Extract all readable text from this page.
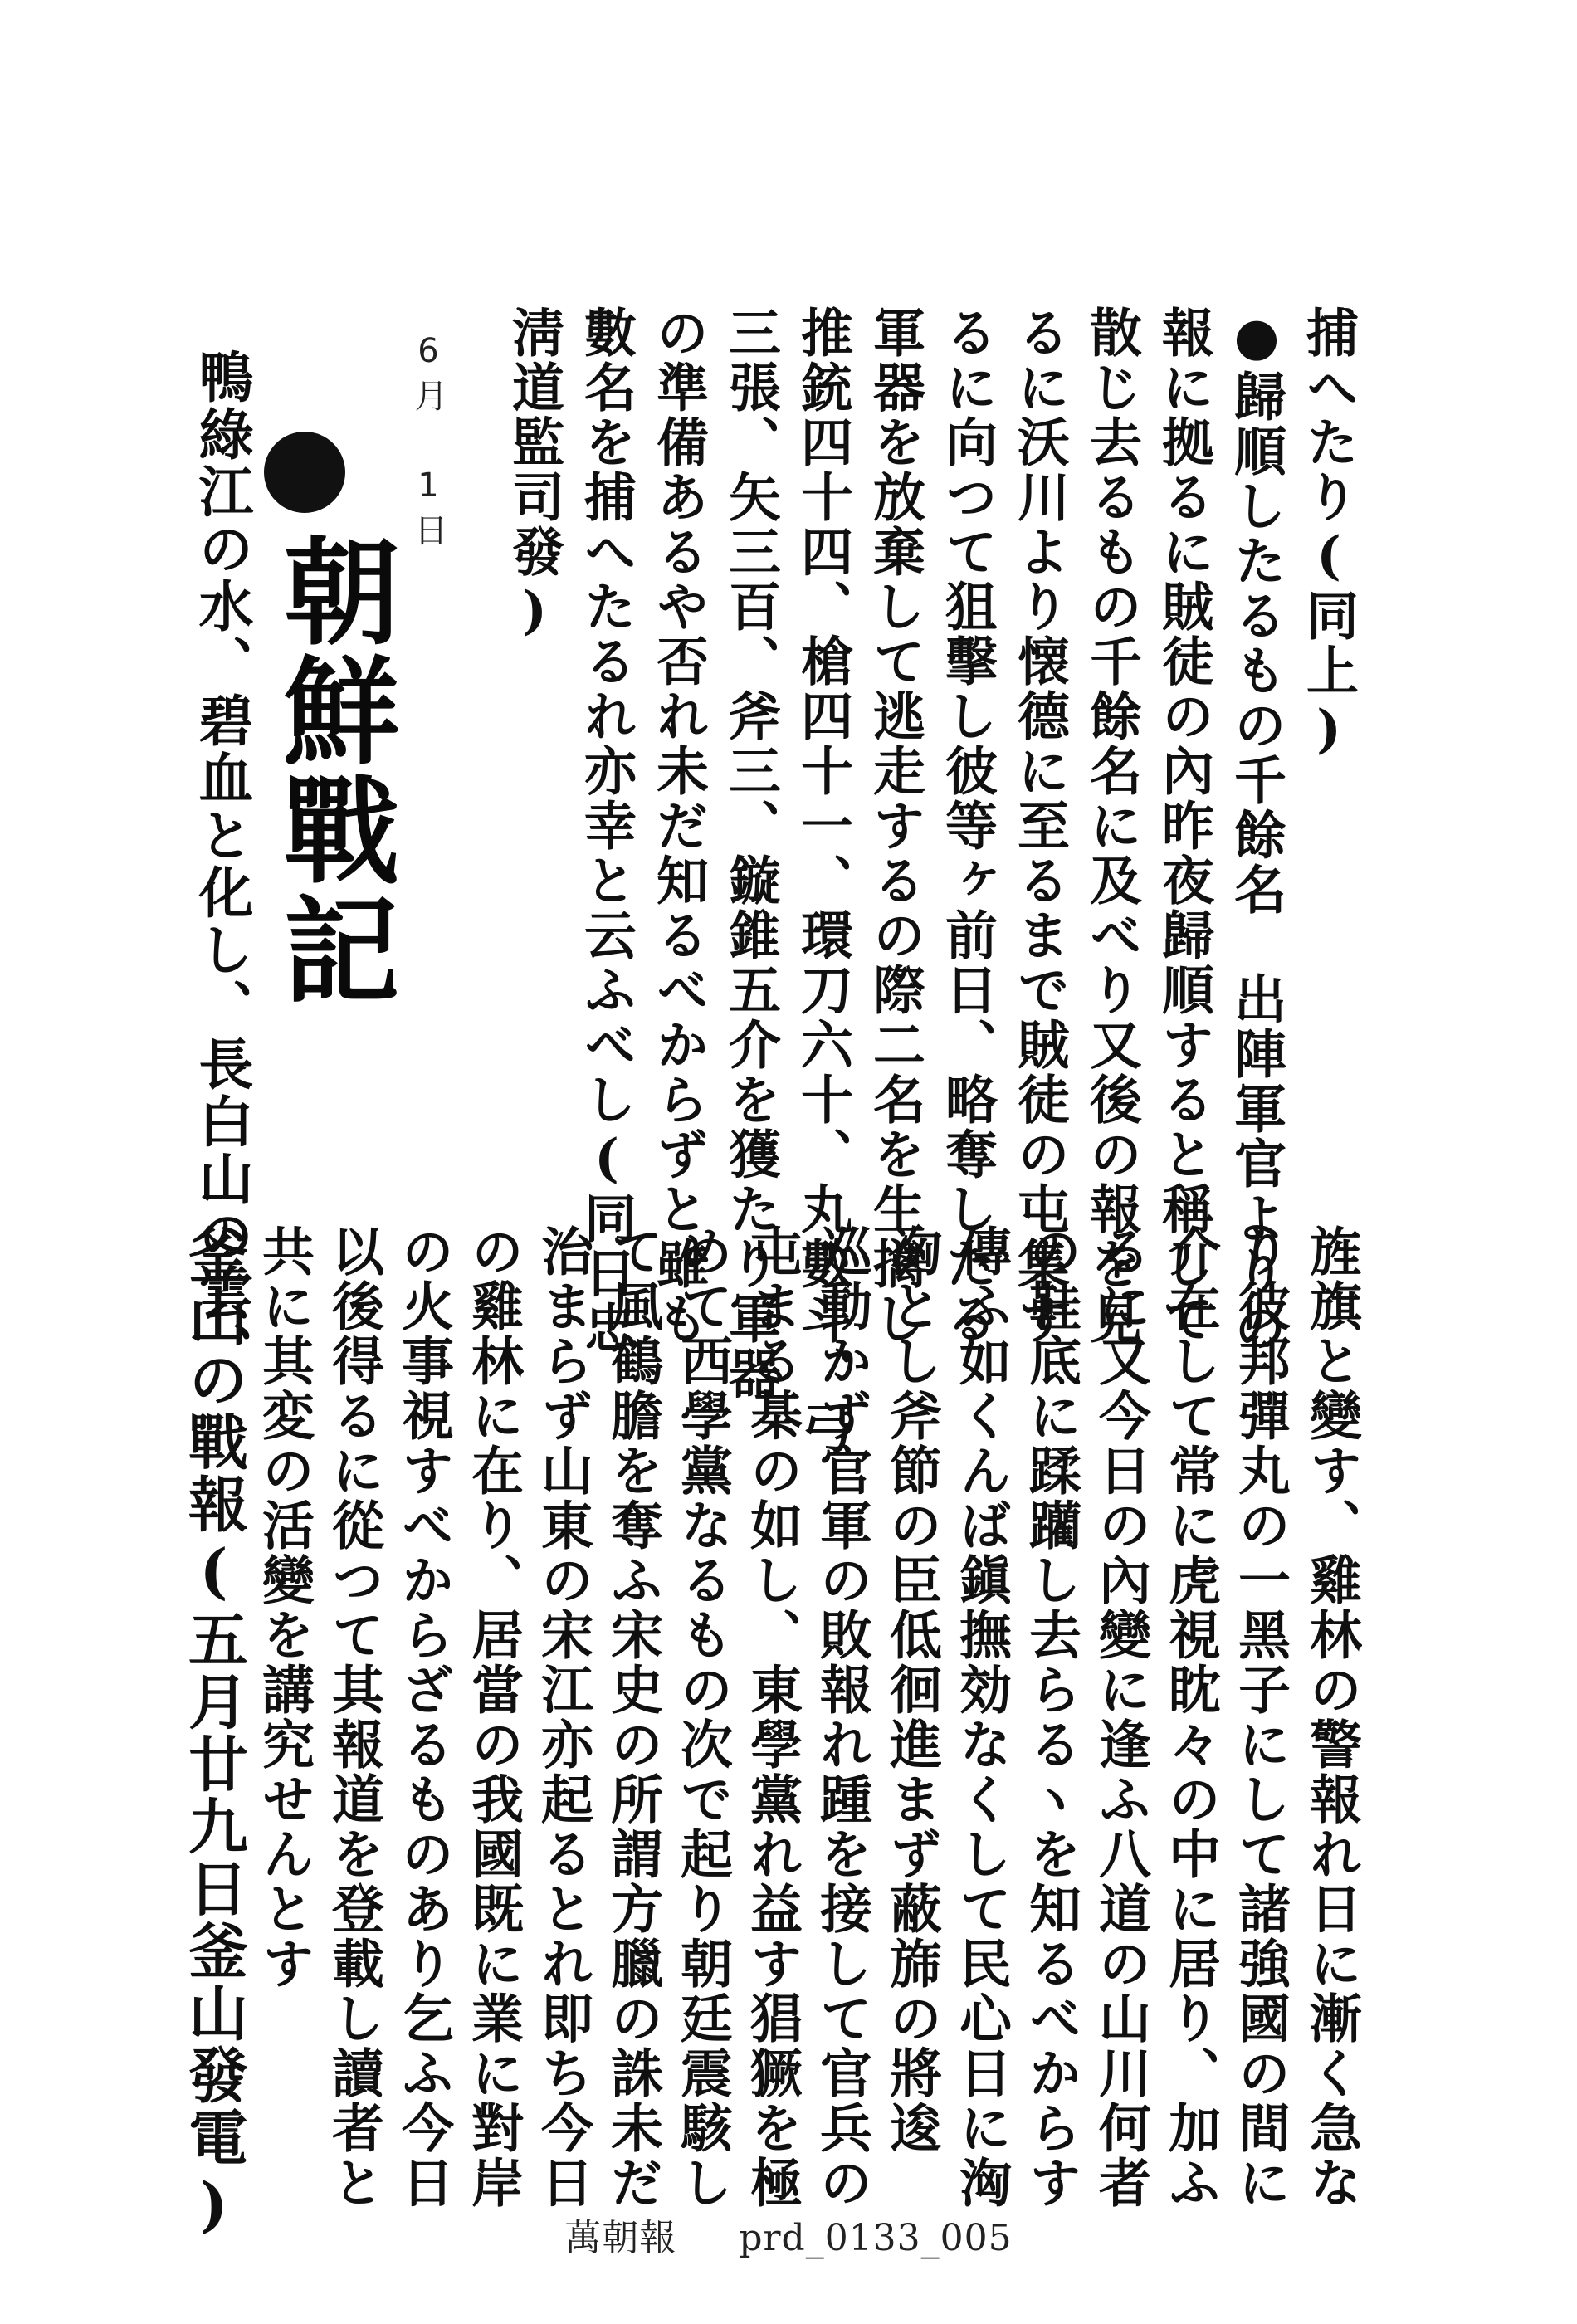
捕へたり(同上)
●歸順したるもの千餘名　出陣軍官よりの
報に拠るに賊徒の內昨夜歸順すると稱して
散じ去るもの千餘名に及べり又後の報を見
るに沃川より懐德に至るまで賊徒の屯集す
るに向つて狙擊し彼等ヶ前日、略奪したる
軍器を放棄して逃走するの際二名を生擒し
推銃四十四、槍四十一、環刀六十、丸數斗、弓
三張、矢三百、斧三、鏇錐五介を獲たり軍器
の準備あるや否れ未だ知るべからずと雖も
數名を捕へたるれ亦幸と云ふべし(同日忠
淸道監司發)
6月 1日
朝鮮戰記
鴨綠江の水、碧血と化し、長白山の雲、
旌旗と變す、雞林の警報れ日に漸く急な
り彼邦彈丸の一黑子にして諸強國の間に
介在して常に虎視眈々の中に居り、加ふ
るに又今日の內變に逢ふ八道の山川何者
の鞋底に蹂躪し去らるヽを知るべからす
傳ふ如くんば鎭撫効なくして民心日に洶
洶とし斧節の臣低徊進まず蔽旆の將逡
巡動かず官軍の敗報れ踵を接して官兵の
屯まる棊の如し、東學黨れ益す猖獗を極
めて西學黨なるもの次で起り朝廷震駭し
て風鶴膽を奪ふ宋史の所謂方臘の誅未だ
治まらず山東の宋江亦起るとれ即ち今日
の雞林に在り、居當の我國既に業に對岸
の火事視すべからざるものあり乞ふ今日
以後得るに從つて其報道を登載し讀者と
共に其変の活變を講究せんとす
釜山の戰報(五月廿九日釜山發電)	萬朝報 prd_0133_005
